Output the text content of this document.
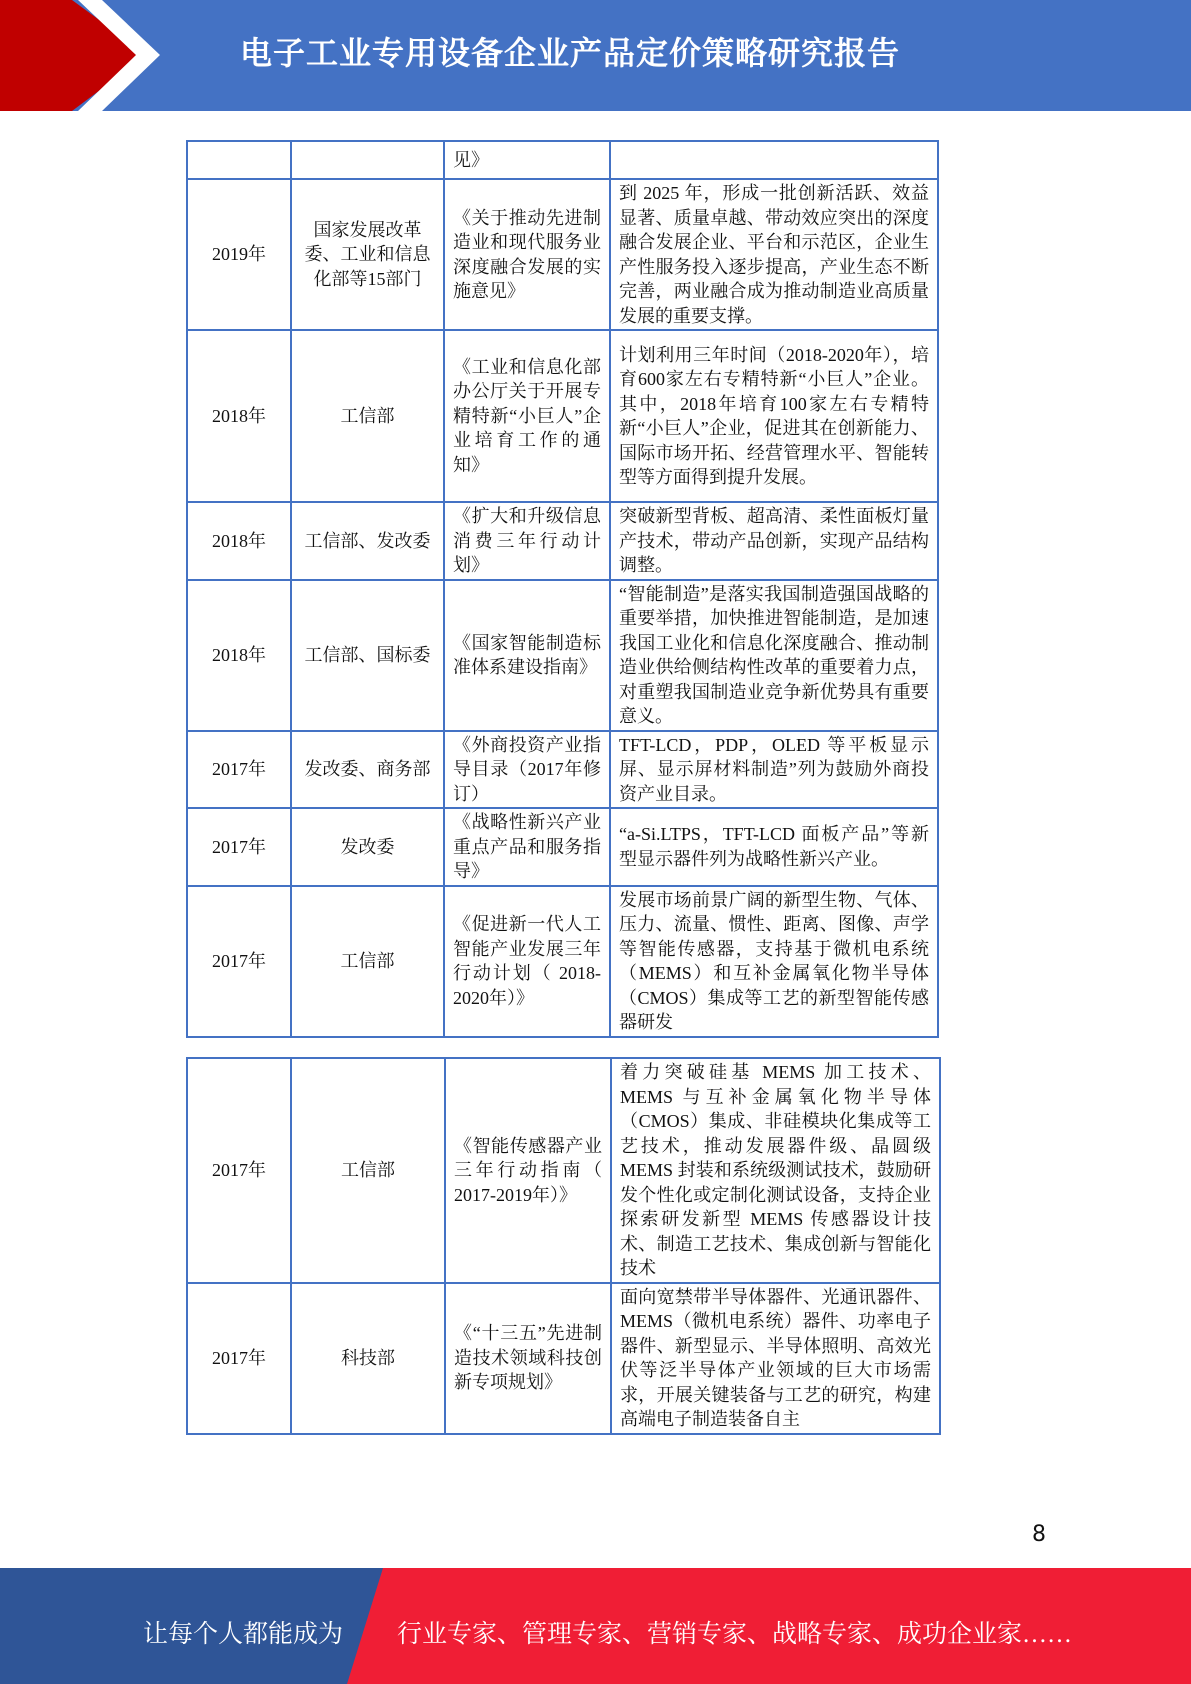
电子工业专用设备企业产品定价策略研究报告
		见》	
2019年	国家发展改革委、工业和信息化部等15部门	《关于推动先进制造业和现代服务业深度融合发展的实施意见》	到 2025 年，形成一批创新活跃、效益显著、质量卓越、带动效应突出的深度融合发展企业、平台和示范区，企业生产性服务投入逐步提高，产业生态不断完善，两业融合成为推动制造业高质量发展的重要支撑。
2018年	工信部	《工业和信息化部办公厅关于开展专精特新“小巨人”企业培育工作的通知》	计划利用三年时间（2018-2020年），培育600家左右专精特新“小巨人”企业。其中，2018年培育100家左右专精特新“小巨人”企业，促进其在创新能力、国际市场开拓、经营管理水平、智能转型等方面得到提升发展。
2018年	工信部、发改委	《扩大和升级信息消费三年行动计划》	突破新型背板、超高清、柔性面板灯量产技术，带动产品创新，实现产品结构调整。
2018年	工信部、国标委	《国家智能制造标准体系建设指南》	“智能制造”是落实我国制造强国战略的重要举措，加快推进智能制造，是加速我国工业化和信息化深度融合、推动制造业供给侧结构性改革的重要着力点，对重塑我国制造业竞争新优势具有重要意义。
2017年	发改委、商务部	《外商投资产业指导目录（2017年修订）	TFT-LCD，PDP，OLED 等平板显示屏、显示屏材料制造”列为鼓励外商投资产业目录。
2017年	发改委	《战略性新兴产业重点产品和服务指导》	“a-Si.LTPS，TFT-LCD 面板产品”等新型显示器件列为战略性新兴产业。
2017年	工信部	《促进新一代人工智能产业发展三年行动计划（ 2018-2020年）》	发展市场前景广阔的新型生物、气体、压力、流量、惯性、距离、图像、声学等智能传感器，支持基于微机电系统（MEMS）和互补金属氧化物半导体（CMOS）集成等工艺的新型智能传感器研发
2017年	工信部	《智能传感器产业三年行动指南（ 2017-2019年）》	着力突破硅基 MEMS 加工技术、MEMS 与互补金属氧化物半导体（CMOS）集成、非硅模块化集成等工艺技术，推动发展器件级、晶圆级MEMS 封装和系统级测试技术，鼓励研发个性化或定制化测试设备，支持企业探索研发新型 MEMS 传感器设计技术、制造工艺技术、集成创新与智能化技术
2017年	科技部	《“十三五”先进制造技术领域科技创新专项规划》	面向宽禁带半导体器件、光通讯器件、MEMS（微机电系统）器件、功率电子器件、新型显示、半导体照明、高效光伏等泛半导体产业领域的巨大市场需求，开展关键装备与工艺的研究，构建高端电子制造装备自主
8
让每个人都能成为 行业专家、管理专家、营销专家、战略专家、成功企业家……
